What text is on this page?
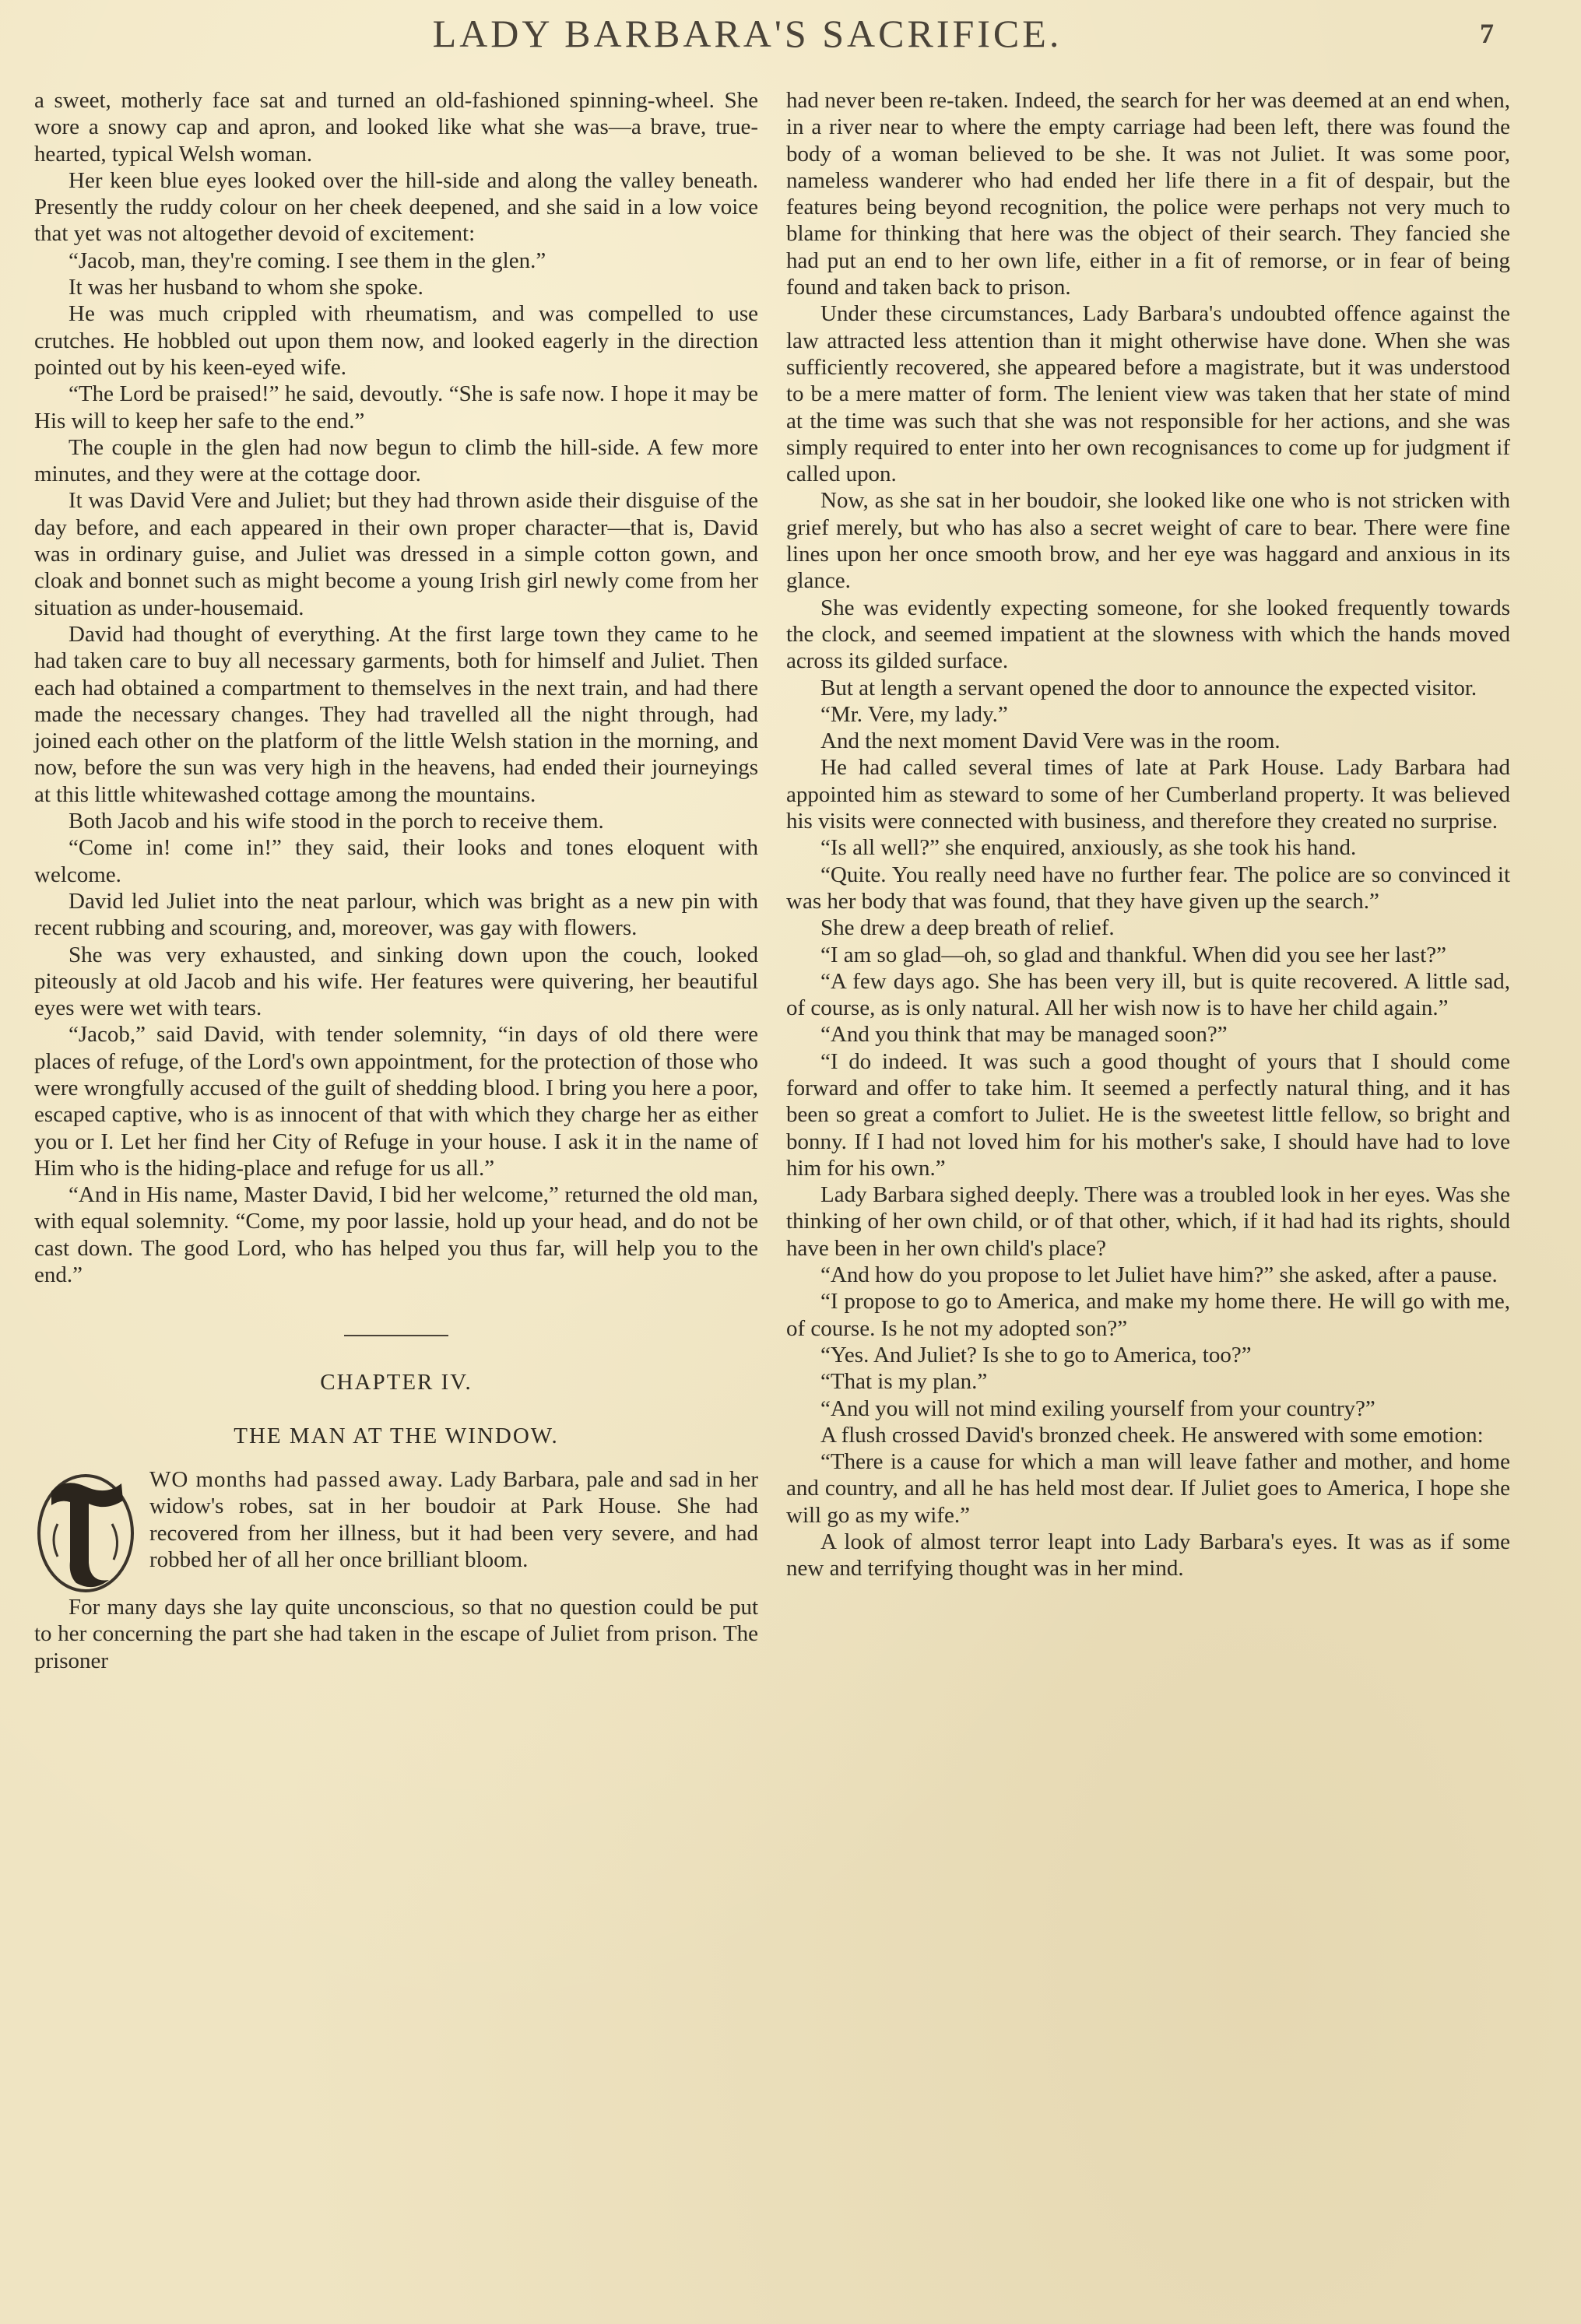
LADY BARBARA'S SACRIFICE.	7

a sweet, motherly face sat and turned an old-fashioned spinning-wheel. She wore a snowy cap and apron, and looked like what she was—a brave, true-hearted, typical Welsh woman.

Her keen blue eyes looked over the hill-side and along the valley beneath. Presently the ruddy colour on her cheek deepened, and she said in a low voice that yet was not altogether devoid of excitement:

“Jacob, man, they're coming. I see them in the glen.”

It was her husband to whom she spoke.

He was much crippled with rheumatism, and was compelled to use crutches. He hobbled out upon them now, and looked eagerly in the direction pointed out by his keen-eyed wife.

“The Lord be praised!” he said, devoutly. “She is safe now. I hope it may be His will to keep her safe to the end.”

The couple in the glen had now begun to climb the hill-side. A few more minutes, and they were at the cottage door.

It was David Vere and Juliet; but they had thrown aside their disguise of the day before, and each appeared in their own proper character—that is, David was in ordinary guise, and Juliet was dressed in a simple cotton gown, and cloak and bonnet such as might become a young Irish girl newly come from her situation as under-housemaid.

David had thought of everything. At the first large town they came to he had taken care to buy all necessary garments, both for himself and Juliet. Then each had obtained a compartment to themselves in the next train, and had there made the necessary changes. They had travelled all the night through, had joined each other on the platform of the little Welsh station in the morning, and now, before the sun was very high in the heavens, had ended their journeyings at this little whitewashed cottage among the mountains.

Both Jacob and his wife stood in the porch to receive them.

“Come in! come in!” they said, their looks and tones eloquent with welcome.

David led Juliet into the neat parlour, which was bright as a new pin with recent rubbing and scouring, and, moreover, was gay with flowers.

She was very exhausted, and sinking down upon the couch, looked piteously at old Jacob and his wife. Her features were quivering, her beautiful eyes were wet with tears.

“Jacob,” said David, with tender solemnity, “in days of old there were places of refuge, of the Lord's own appointment, for the protection of those who were wrongfully accused of the guilt of shedding blood. I bring you here a poor, escaped captive, who is as innocent of that with which they charge her as either you or I. Let her find her City of Refuge in your house. I ask it in the name of Him who is the hiding-place and refuge for us all.”

“And in His name, Master David, I bid her welcome,” returned the old man, with equal solemnity. “Come, my poor lassie, hold up your head, and do not be cast down. The good Lord, who has helped you thus far, will help you to the end.”

CHAPTER IV.
THE MAN AT THE WINDOW.

WO months had passed away. Lady Barbara, pale and sad in her widow's robes, sat in her boudoir at Park House. She had recovered from her illness, but it had been very severe, and had robbed her of all her once brilliant bloom.

For many days she lay quite unconscious, so that no question could be put to her concerning the part she had taken in the escape of Juliet from prison. The prisoner

had never been re-taken. Indeed, the search for her was deemed at an end when, in a river near to where the empty carriage had been left, there was found the body of a woman believed to be she. It was not Juliet. It was some poor, nameless wanderer who had ended her life there in a fit of despair, but the features being beyond recognition, the police were perhaps not very much to blame for thinking that here was the object of their search. They fancied she had put an end to her own life, either in a fit of remorse, or in fear of being found and taken back to prison.

Under these circumstances, Lady Barbara's undoubted offence against the law attracted less attention than it might otherwise have done. When she was sufficiently recovered, she appeared before a magistrate, but it was understood to be a mere matter of form. The lenient view was taken that her state of mind at the time was such that she was not responsible for her actions, and she was simply required to enter into her own recognisances to come up for judgment if called upon.

Now, as she sat in her boudoir, she looked like one who is not stricken with grief merely, but who has also a secret weight of care to bear. There were fine lines upon her once smooth brow, and her eye was haggard and anxious in its glance.

She was evidently expecting someone, for she looked frequently towards the clock, and seemed impatient at the slowness with which the hands moved across its gilded surface.

But at length a servant opened the door to announce the expected visitor.

“Mr. Vere, my lady.”

And the next moment David Vere was in the room.

He had called several times of late at Park House. Lady Barbara had appointed him as steward to some of her Cumberland property. It was believed his visits were connected with business, and therefore they created no surprise.

“Is all well?” she enquired, anxiously, as she took his hand.

“Quite. You really need have no further fear. The police are so convinced it was her body that was found, that they have given up the search.”

She drew a deep breath of relief.

“I am so glad—oh, so glad and thankful. When did you see her last?”

“A few days ago. She has been very ill, but is quite recovered. A little sad, of course, as is only natural. All her wish now is to have her child again.”

“And you think that may be managed soon?”

“I do indeed. It was such a good thought of yours that I should come forward and offer to take him. It seemed a perfectly natural thing, and it has been so great a comfort to Juliet. He is the sweetest little fellow, so bright and bonny. If I had not loved him for his mother's sake, I should have had to love him for his own.”

Lady Barbara sighed deeply. There was a troubled look in her eyes. Was she thinking of her own child, or of that other, which, if it had had its rights, should have been in her own child's place?

“And how do you propose to let Juliet have him?” she asked, after a pause.

“I propose to go to America, and make my home there. He will go with me, of course. Is he not my adopted son?”

“Yes. And Juliet? Is she to go to America, too?”

“That is my plan.”

“And you will not mind exiling yourself from your country?”

A flush crossed David's bronzed cheek. He answered with some emotion:

“There is a cause for which a man will leave father and mother, and home and country, and all he has held most dear. If Juliet goes to America, I hope she will go as my wife.”

A look of almost terror leapt into Lady Barbara's eyes. It was as if some new and terrifying thought was in her mind.
